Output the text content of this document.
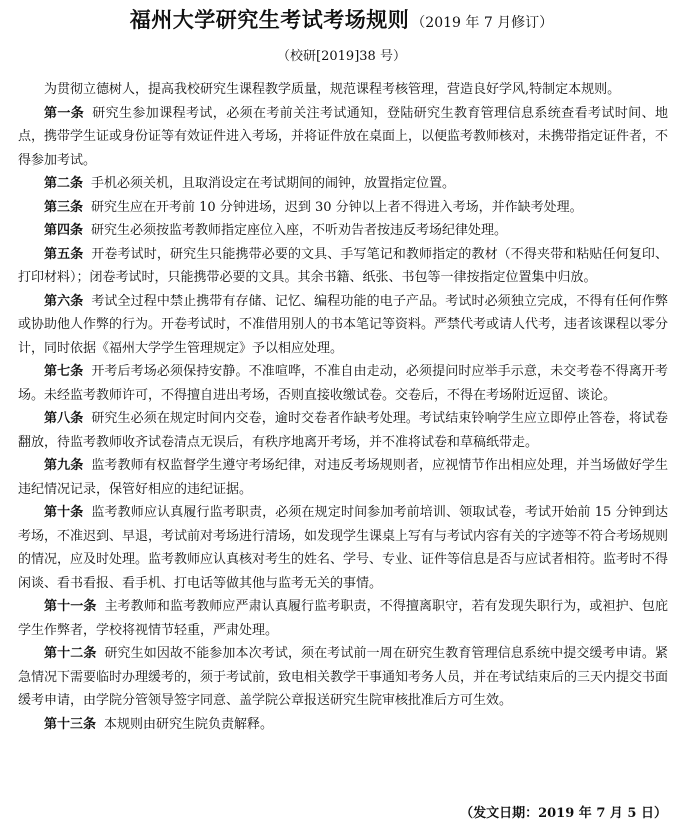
福州大学研究生考试考场规则 （2019 年 7 月修订）
（校研[2019]38 号）

为贯彻立德树人，提高我校研究生课程教学质量，规范课程考核管理，营造良好学风,特制定本规则。

第一条 研究生参加课程考试，必须在考前关注考试通知，登陆研究生教育管理信息系统查看考试时间、地点，携带学生证或身份证等有效证件进入考场，并将证件放在桌面上，以便监考教师核对，未携带指定证件者，不得参加考试。

第二条 手机必须关机，且取消设定在考试期间的闹钟，放置指定位置。

第三条 研究生应在开考前 10 分钟进场，迟到 30 分钟以上者不得进入考场，并作缺考处理。

第四条 研究生必须按监考教师指定座位入座，不听劝告者按违反考场纪律处理。

第五条 开卷考试时，研究生只能携带必要的文具、手写笔记和教师指定的教材（不得夹带和粘贴任何复印、打印材料）；闭卷考试时，只能携带必要的文具。其余书籍、纸张、书包等一律按指定位置集中归放。

第六条 考试全过程中禁止携带有存储、记忆、编程功能的电子产品。考试时必须独立完成，不得有任何作弊或协助他人作弊的行为。开卷考试时，不准借用别人的书本笔记等资料。严禁代考或请人代考，违者该课程以零分计，同时依据《福州大学学生管理规定》予以相应处理。

第七条 开考后考场必须保持安静。不准喧哗，不准自由走动，必须提问时应举手示意，未交考卷不得离开考场。未经监考教师许可，不得擅自进出考场，否则直接收缴试卷。交卷后，不得在考场附近逗留、谈论。

第八条 研究生必须在规定时间内交卷，逾时交卷者作缺考处理。考试结束铃响学生应立即停止答卷，将试卷翻放，待监考教师收齐试卷清点无误后，有秩序地离开考场，并不准将试卷和草稿纸带走。

第九条 监考教师有权监督学生遵守考场纪律，对违反考场规则者，应视情节作出相应处理，并当场做好学生违纪情况记录，保管好相应的违纪证据。

第十条 监考教师应认真履行监考职责，必须在规定时间参加考前培训、领取试卷，考试开始前 15 分钟到达考场，不准迟到、早退，考试前对考场进行清场，如发现学生课桌上写有与考试内容有关的字迹等不符合考场规则的情况，应及时处理。监考教师应认真核对考生的姓名、学号、专业、证件等信息是否与应试者相符。监考时不得闲谈、看书看报、看手机、打电话等做其他与监考无关的事情。

第十一条 主考教师和监考教师应严肃认真履行监考职责，不得擅离职守，若有发现失职行为，或袒护、包庇学生作弊者，学校将视情节轻重，严肃处理。

第十二条 研究生如因故不能参加本次考试，须在考试前一周在研究生教育管理信息系统中提交缓考申请。紧急情况下需要临时办理缓考的，须于考试前，致电相关教学干事通知考务人员，并在考试结束后的三天内提交书面缓考申请，由学院分管领导签字同意、盖学院公章报送研究生院审核批准后方可生效。

第十三条 本规则由研究生院负责解释。

（发文日期：2019 年 7 月 5 日）
